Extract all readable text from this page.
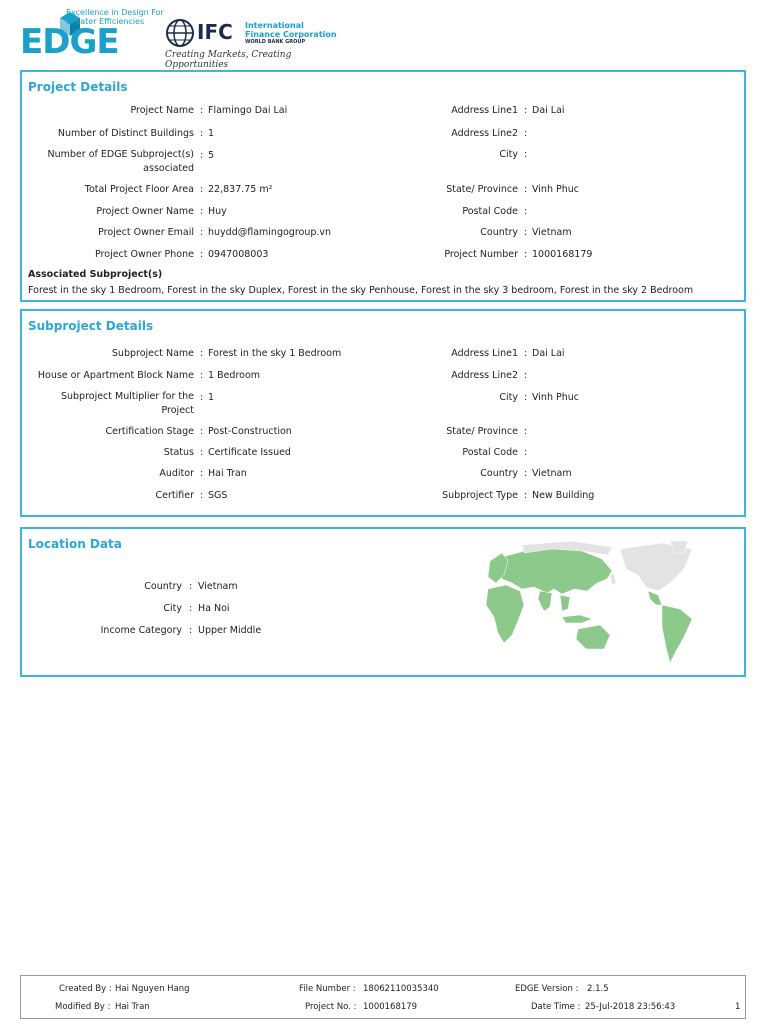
EDGE
Excellence in Design For Greater Efficiencies	IFC International
Finance Corporation
WORLD BANK GROUP
Creating Markets, Creating Opportunities
Project Details
Project Name : Flamingo Dai Lai
Number of Distinct Buildings : 1
Number of EDGE Subproject(s) associated
: 5
Total Project Floor Area : 22,837.75 m²
Project Owner Name : Huy
Project Owner Email : huydd@flamingogroup.vn
Project Owner Phone : 0947008003
Address Line1 : Dai Lai
Address Line2 :
City :
State/ Province : Vinh Phuc
Postal Code :
Country : Vietnam
Project Number : 1000168179
Associated Subproject(s)
Forest in the sky 1 Bedroom, Forest in the sky Duplex, Forest in the sky Penhouse, Forest in the sky 3 bedroom, Forest in the sky 2 Bedroom
Subproject Details
Subproject Name : Forest in the sky 1 Bedroom
House or Apartment Block Name : 1 Bedroom
Subproject Multiplier for the Project
: 1
Certification Stage : Post-Construction
Status : Certificate Issued
Auditor : Hai Tran
Certifier : SGS
Address Line1 : Dai Lai
Address Line2 :
City : Vinh Phuc
State/ Province :
Postal Code :
Country : Vietnam
Subproject Type : New Building
Location Data
Country : Vietnam
City : Ha Noi
Income Category : Upper Middle
Created By : Hai Nguyen Hang
Modified By : Hai Tran
File Number : 18062110035340
Project No. : 1000168179
EDGE Version : 2.1.5
Date Time : 25-Jul-2018 23:56:43	1
